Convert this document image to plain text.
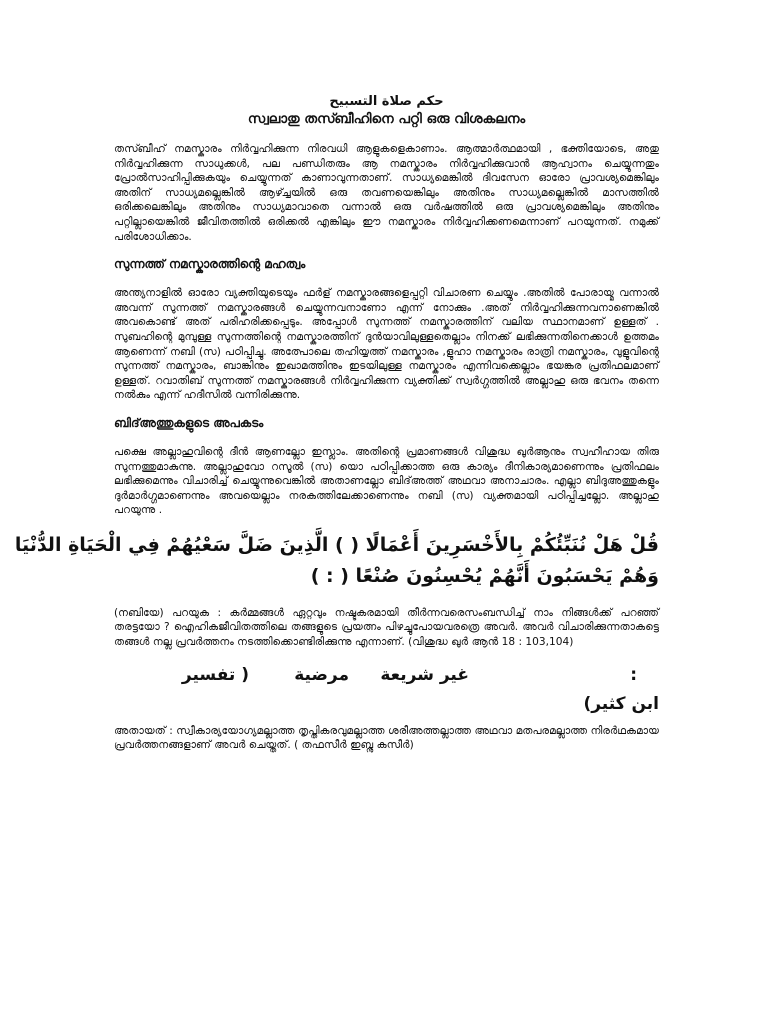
حكم صلاة التسبيح

സ്വലാതു തസ്ബീഹിനെ പറ്റി ഒരു വിശകലനം

തസ്ബീഹ് നമസ്കാരം നിർവ്വഹിക്കുന്ന നിരവധി ആളുകളെകാണാം. ആത്മാർത്ഥമായി , ഭക്തിയോടെ, അതു നിർവ്വഹിക്കുന്ന സാധുക്കൾ, പല പണ്ഡിതരും ആ നമസ്കാരം നിർവ്വഹിക്കുവാൻ ആഹ്വാനം ചെയ്യുന്നതും പ്രോൽസാഹിപ്പിക്കുകയും ചെയ്യുന്നത് കാണാവുന്നതാണ്. സാധ്യമെങ്കിൽ ദിവസേന ഓരോ പ്രാവശ്യമെങ്കിലും അതിന് സാധ്യമല്ലെങ്കിൽ ആഴ്ച്ചയിൽ ഒരു തവണയെങ്കിലും അതിനും സാധ്യമല്ലെങ്കിൽ മാസത്തിൽ ഒരിക്കലെങ്കിലും അതിനും സാധ്യമാവാതെ വന്നാൽ ഒരു വർഷത്തിൽ ഒരു പ്രാവശ്യമെങ്കിലും അതിനും പറ്റില്ലായെങ്കിൽ ജീവിതത്തിൽ ഒരിക്കൽ എങ്കിലും ഈ നമസ്കാരം നിർവ്വഹിക്കണമെന്നാണ് പറയുന്നത്. നമുക്ക് പരിശോധിക്കാം.

സുന്നത്ത് നമസ്കാരത്തിന്റെ മഹത്വം

അന്ത്യനാളിൽ ഓരോ വ്യക്തിയുടെയും ഫർള് നമസ്കാരങ്ങളെപ്പറ്റി വിചാരണ ചെയ്യും .അതിൽ പോരായ്മ വന്നാൽ അവന്ന് സുന്നത്ത് നമസ്കാരങ്ങൾ ചെയ്യുന്നവനാണോ എന്ന് നോക്കും .അത് നിർവ്വഹിക്കുന്നവനാണെങ്കിൽ അവകൊണ്ട് അത് പരിഹരിക്കപ്പെടും. അപ്പോൾ സുന്നത്ത് നമസ്കാരത്തിന് വലിയ സ്ഥാനമാണ് ഉള്ളത് . സുബഹിന്റെ മുമ്പുള്ള സുന്നത്തിന്റെ നമസ്കാരത്തിന് ദുൻയാവിലുള്ളതെല്ലാം നിനക്ക് ലഭിക്കുന്നതിനെക്കാൾ ഉത്തമം ആണെന്ന് നബി (സ) പഠിപ്പിച്ചു. അത്പോലെ തഹിയ്യത്ത് നമസ്കാരം ,ളുഹാ നമസ്കാരം രാത്രി നമസ്കാരം, വുളുവിന്റെ സുന്നത്ത് നമസ്കാരം, ബാങ്കിനും ഇഖാമത്തിനും ഇടയിലുള്ള നമസ്കാരം എന്നിവക്കെല്ലാം ഭയങ്കര പ്രതിഫലമാണ് ഉള്ളത്. റവാതിബ് സുന്നത്ത് നമസ്കാരങ്ങൾ നിർവ്വഹിക്കുന്ന വ്യക്തിക്ക് സ്വർഗ്ഗത്തിൽ അല്ലാഹു ഒരു ഭവനം തന്നെ നൽകും എന്ന് ഹദീസിൽ വന്നിരിക്കുന്നു.

ബിദ്അത്തുകളുടെ അപകടം

പക്ഷെ അല്ലാഹുവിന്റെ ദീൻ ആണല്ലോ ഇസ്ലാം. അതിന്റെ പ്രമാണങ്ങൾ വിശുദ്ധ ഖുർആനും സ്വഹീഹായ തിരു സുന്നത്തുമാകുന്നു. അല്ലാഹുവോ റസൂൽ (സ) യൊ പഠിപ്പിക്കാത്ത ഒരു കാര്യം ദീനികാര്യമാണെന്നും പ്രതിഫലം ലഭിക്കുമെന്നും വിചാരിച്ച് ചെയ്യുന്നുവെങ്കിൽ അതാണല്ലോ ബിദ്അത്ത് അഥവാ അനാചാരം. എല്ലാ ബിദുഅത്തുകളും ദുർമാർഗ്ഗമാണെന്നും അവയെല്ലാം നരകത്തിലേക്കാണെന്നും നബി (സ) വ്യക്തമായി പഠിപ്പിച്ചല്ലോ. അല്ലാഹു പറയുന്നു .

قُلْ هَلْ نُنَبِّئُكُمْ بِالأَخْسَرِينَ أَعْمَالًا ( ) الَّذِينَ ضَلَّ سَعْيُهُمْ فِي الْحَيَاةِ الدُّنْيَا
وَهُمْ يَحْسَبُونَ أَنَّهُمْ يُحْسِنُونَ صُنْعًا ( : )

(നബിയേ) പറയുക : കർമ്മങ്ങൾ ഏറ്റവും നഷ്ടകരമായി തീർന്നവരെസംബന്ധിച്ച് നാം നിങ്ങൾക്ക് പറഞ്ഞ് തരട്ടയോ ? ഐഹികജീവിതത്തിലെ തങ്ങളുടെ പ്രയത്നം പിഴച്ചുപോയവരത്രെ അവർ. അവർ വിചാരിക്കുന്നതാകട്ടെ തങ്ങൾ നല്ല പ്രവർത്തനം നടത്തിക്കൊണ്ടിരിക്കുന്നു എന്നാണ്. (വിശുദ്ധ ഖുർ ആൻ 18 : 103,104)

:
غير شريعة
مرضية
( تفسير
ابن كثير)

അതായത് : സ്വീകാര്യയോഗ്യമല്ലാത്ത തൃപ്തികരവുമല്ലാത്ത ശരീഅത്തല്ലാത്ത അഥവാ മതപരമല്ലാത്ത നിരർഥകമായ പ്രവർത്തനങ്ങളാണ് അവർ ചെയ്തത്. ( തഫസീർ ഇബ്നു കസീർ)
